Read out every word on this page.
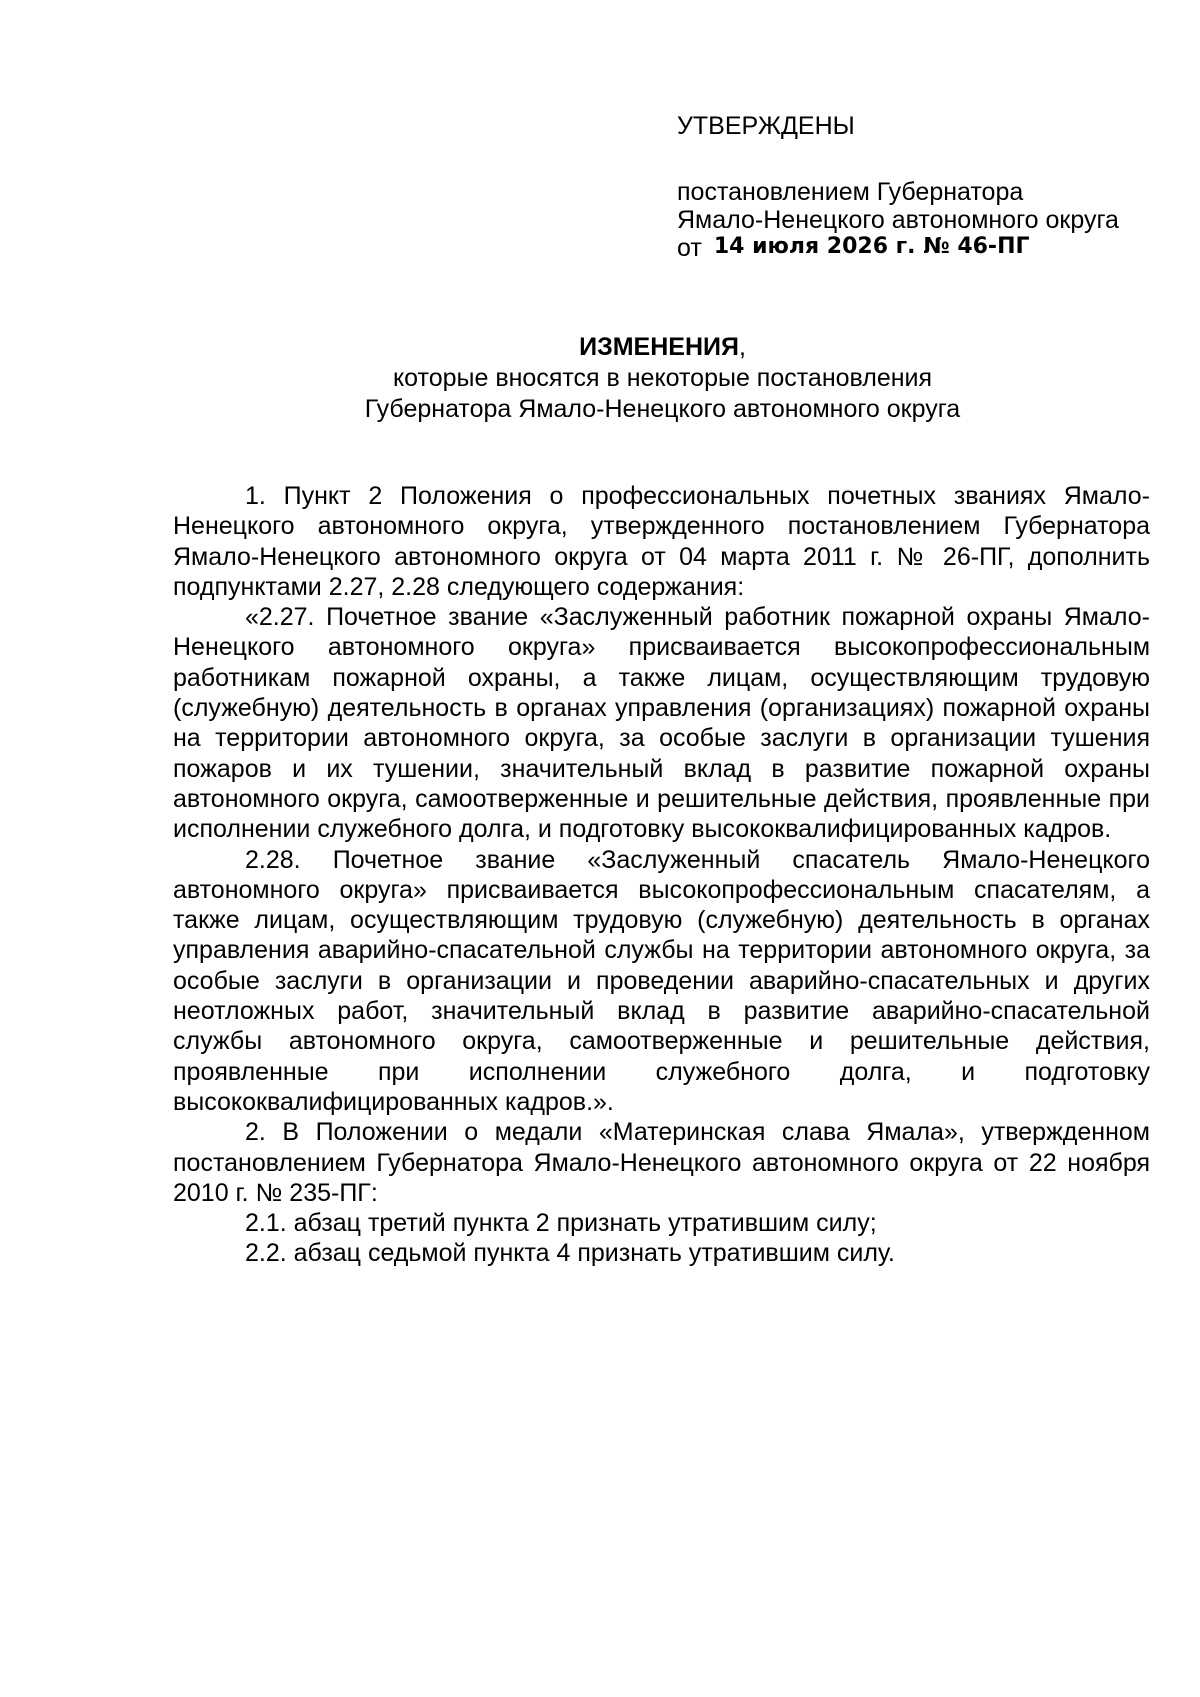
УТВЕРЖДЕНЫ
постановлением Губернатора
Ямало-Ненецкого автономного округа
от 14 июля 2026 г. № 46-ПГ
ИЗМЕНЕНИЯ,
которые вносятся в некоторые постановления
Губернатора Ямало-Ненецкого автономного округа

1. Пункт 2 Положения о профессиональных почетных званиях Ямало-Ненецкого автономного округа, утвержденного постановлением Губернатора Ямало-Ненецкого автономного округа от 04 марта 2011 г. № 26-ПГ, дополнить подпунктами 2.27, 2.28 следующего содержания:

«2.27. Почетное звание «Заслуженный работник пожарной охраны Ямало-Ненецкого автономного округа» присваивается высокопрофессиональным работникам пожарной охраны, а также лицам, осуществляющим трудовую (служебную) деятельность в органах управления (организациях) пожарной охраны на территории автономного округа, за особые заслуги в организации тушения пожаров и их тушении, значительный вклад в развитие пожарной охраны автономного округа, самоотверженные и решительные действия, проявленные при исполнении служебного долга, и подготовку высококвалифицированных кадров.

2.28. Почетное звание «Заслуженный спасатель Ямало-Ненецкого автономного округа» присваивается высокопрофессиональным спасателям, а также лицам, осуществляющим трудовую (служебную) деятельность в органах управления аварийно-спасательной службы на территории автономного округа, за особые заслуги в организации и проведении аварийно-спасательных и других неотложных работ, значительный вклад в развитие аварийно-спасательной службы автономного округа, самоотверженные и решительные действия, проявленные при исполнении служебного долга, и подготовку высококвалифицированных кадров.».

2. В Положении о медали «Материнская слава Ямала», утвержденном постановлением Губернатора Ямало-Ненецкого автономного округа от 22 ноября 2010 г. № 235-ПГ:

2.1. абзац третий пункта 2 признать утратившим силу;

2.2. абзац седьмой пункта 4 признать утратившим силу.
